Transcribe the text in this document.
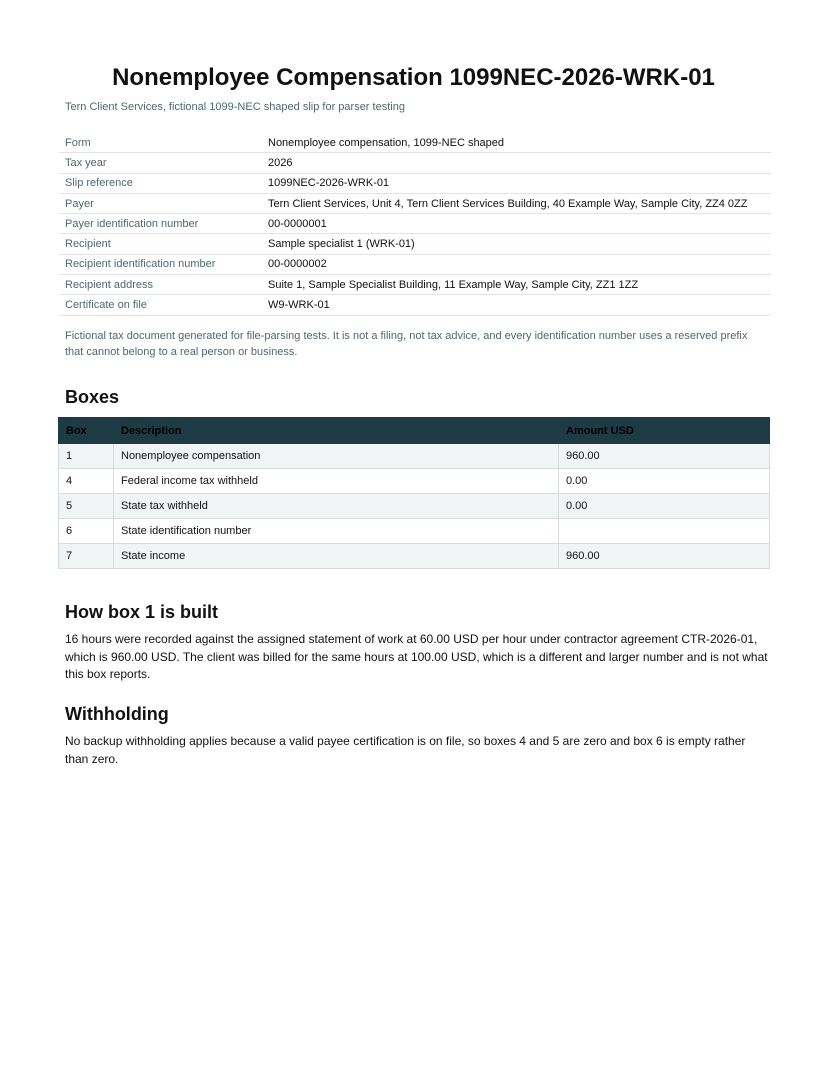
Nonemployee Compensation 1099NEC-2026-WRK-01
Tern Client Services, fictional 1099-NEC shaped slip for parser testing
Form	Nonemployee compensation, 1099-NEC shaped
Tax year	2026
Slip reference	1099NEC-2026-WRK-01
Payer	Tern Client Services, Unit 4, Tern Client Services Building, 40 Example Way, Sample City, ZZ4 0ZZ
Payer identification number	00-0000001
Recipient	Sample specialist 1 (WRK-01)
Recipient identification number	00-0000002
Recipient address	Suite 1, Sample Specialist Building, 11 Example Way, Sample City, ZZ1 1ZZ
Certificate on file	W9-WRK-01

Fictional tax document generated for file-parsing tests. It is not a filing, not tax advice, and every identification number uses a reserved prefix that cannot belong to a real person or business.

Boxes
Box	Description	Amount USD
1	Nonemployee compensation	960.00
4	Federal income tax withheld	0.00
5	State tax withheld	0.00
6	State identification number	
7	State income	960.00
How box 1 is built

16 hours were recorded against the assigned statement of work at 60.00 USD per hour under contractor agreement CTR-2026-01, which is 960.00 USD. The client was billed for the same hours at 100.00 USD, which is a different and larger number and is not what this box reports.

Withholding

No backup withholding applies because a valid payee certification is on file, so boxes 4 and 5 are zero and box 6 is empty rather than zero.
